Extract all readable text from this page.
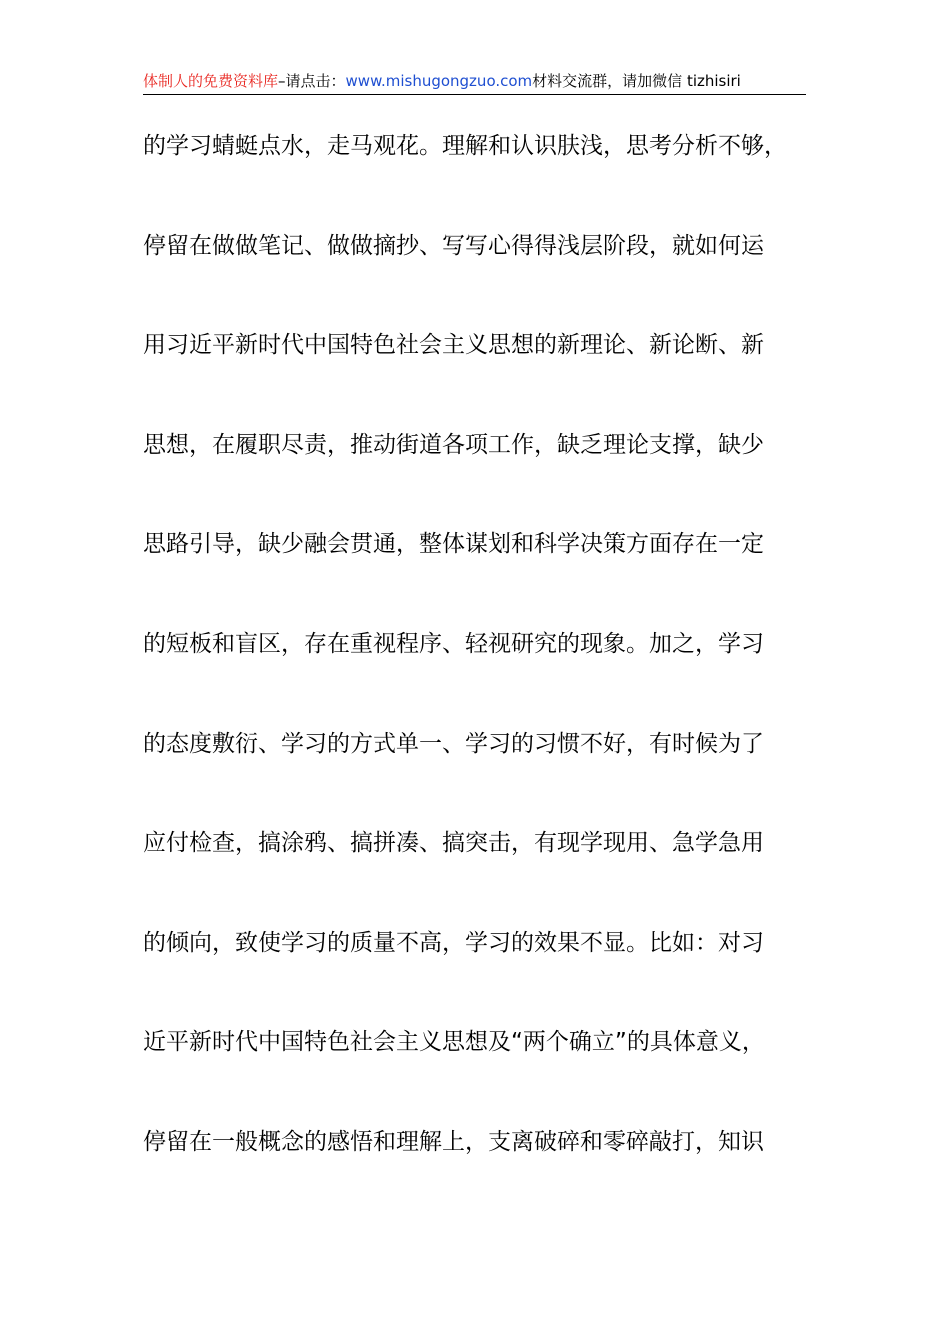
体制人的免费资料库–请点击：www.mishugongzuo.com材料交流群，请加微信 tizhisiri
的学习蜻蜓点水，走马观花。理解和认识肤浅，思考分析不够，
停留在做做笔记、做做摘抄、写写心得得浅层阶段，就如何运
用习近平新时代中国特色社会主义思想的新理论、新论断、新
思想，在履职尽责，推动街道各项工作，缺乏理论支撑，缺少
思路引导，缺少融会贯通，整体谋划和科学决策方面存在一定
的短板和盲区，存在重视程序、轻视研究的现象。加之，学习
的态度敷衍、学习的方式单一、学习的习惯不好，有时候为了
应付检查，搞涂鸦、搞拼凑、搞突击，有现学现用、急学急用
的倾向，致使学习的质量不高，学习的效果不显。比如：对习
近平新时代中国特色社会主义思想及“两个确立”的具体意义，
停留在一般概念的感悟和理解上，支离破碎和零碎敲打，知识
